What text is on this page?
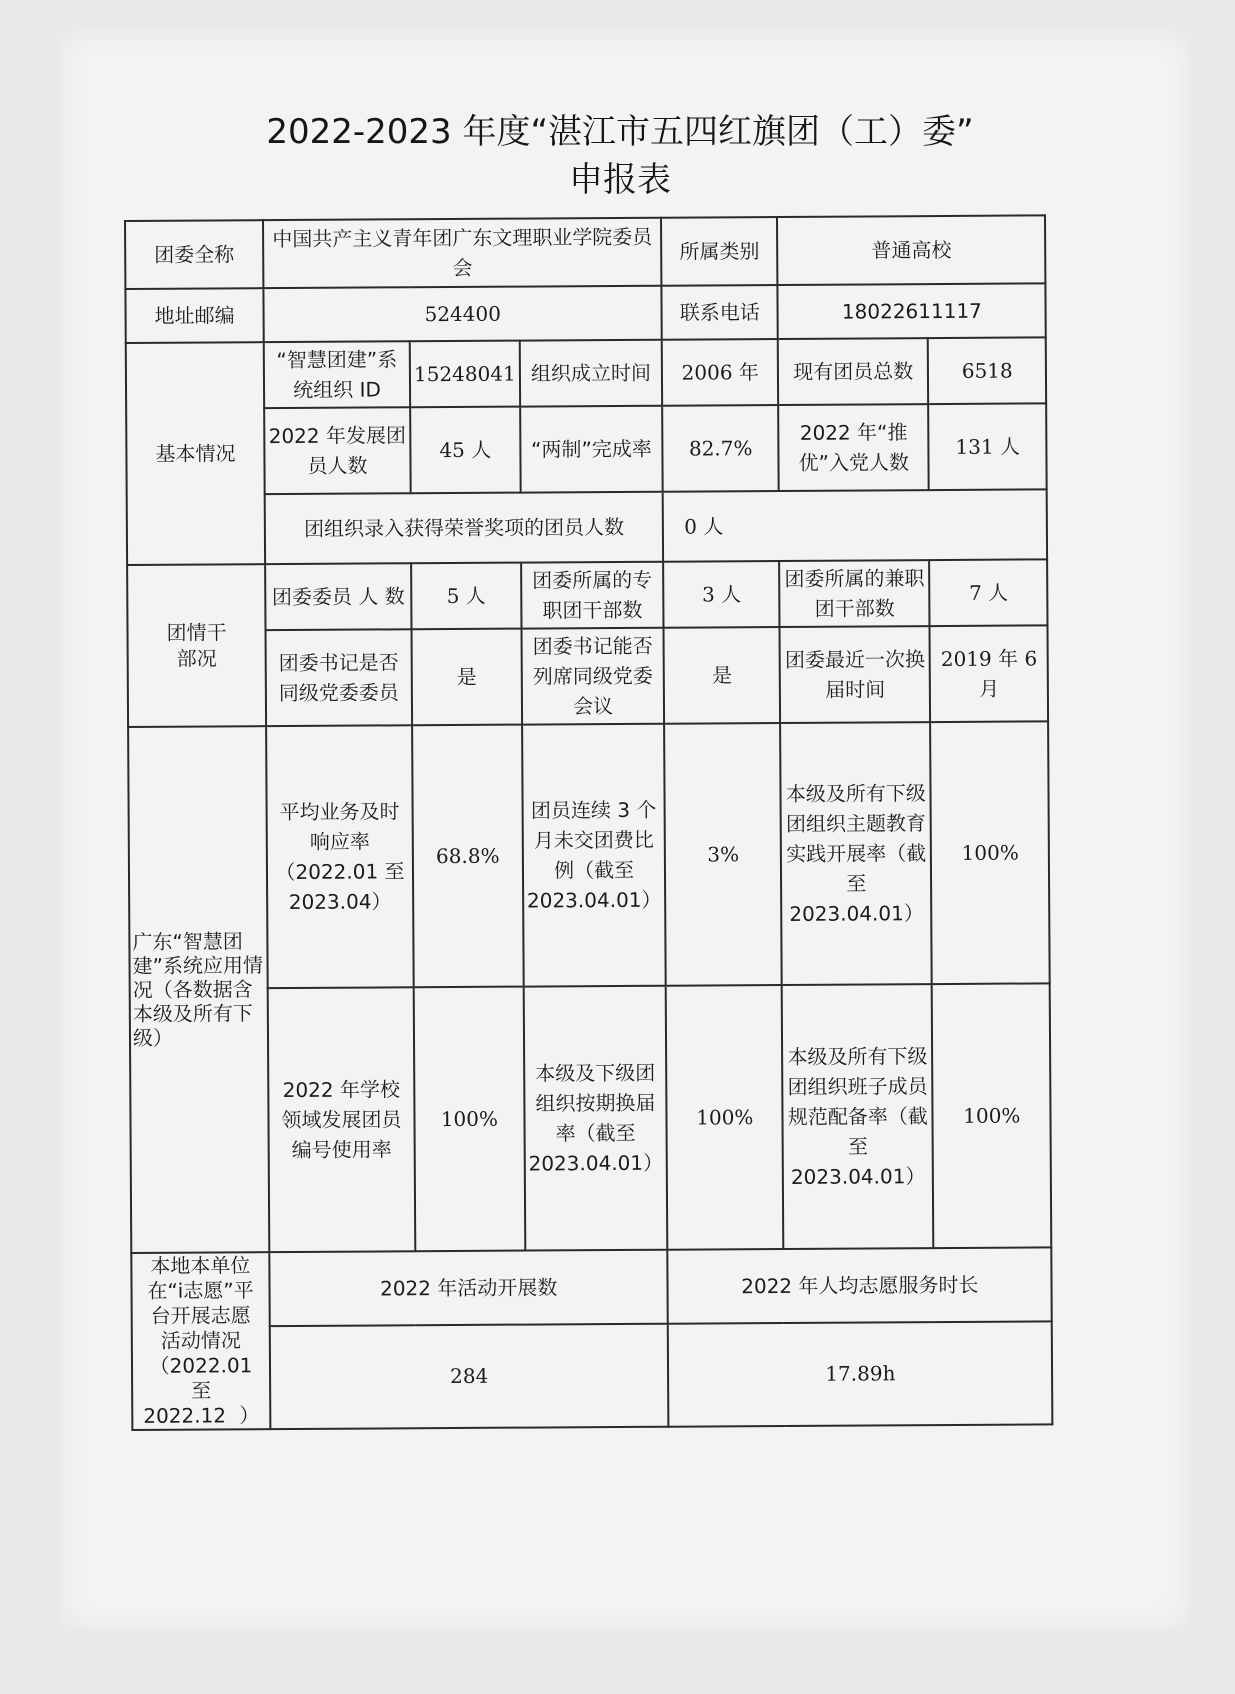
2022-2023 年度“湛江市五四红旗团（工）委”
申报表
团委全称	中国共产主义青年团广东文理职业学院委员会			所属类别	普通高校	
地址邮编	524400			联系电话	18022611117	
基本情况	“智慧团建”系统组织 ID	15248041	组织成立时间	2006 年	现有团员总数	6518
	2022 年发展团员人数	45 人	“两制”完成率	82.7%	2022 年“推优”入党人数	131 人
	团组织录入获得荣誉奖项的团员人数			0 人		
团情干部况	团委委员 人 数	5 人	团委所属的专职团干部数	3 人	团委所属的兼职团干部数	7 人
	团委书记是否同级党委委员	是	团委书记能否列席同级党委会议	是	团委最近一次换届时间	2019 年 6 月
广东“智慧团建”系统应用情况（各数据含本级及所有下级）	平均业务及时响应率（2022.01 至 2023.04）	68.8%	团员连续 3 个月未交团费比例（截至 2023.04.01）	3%	本级及所有下级团组织主题教育实践开展率（截至 2023.04.01）	100%
	2022 年学校领域发展团员编号使用率	100%	本级及下级团组织按期换届率（截至 2023.04.01）	100%	本级及所有下级团组织班子成员规范配备率（截至 2023.04.01）	100%
本地本单位在“i志愿”平台开展志愿活动情况（2022.01 至 2022.12）	2022 年活动开展数			2022 年人均志愿服务时长		
	284			17.89h		
